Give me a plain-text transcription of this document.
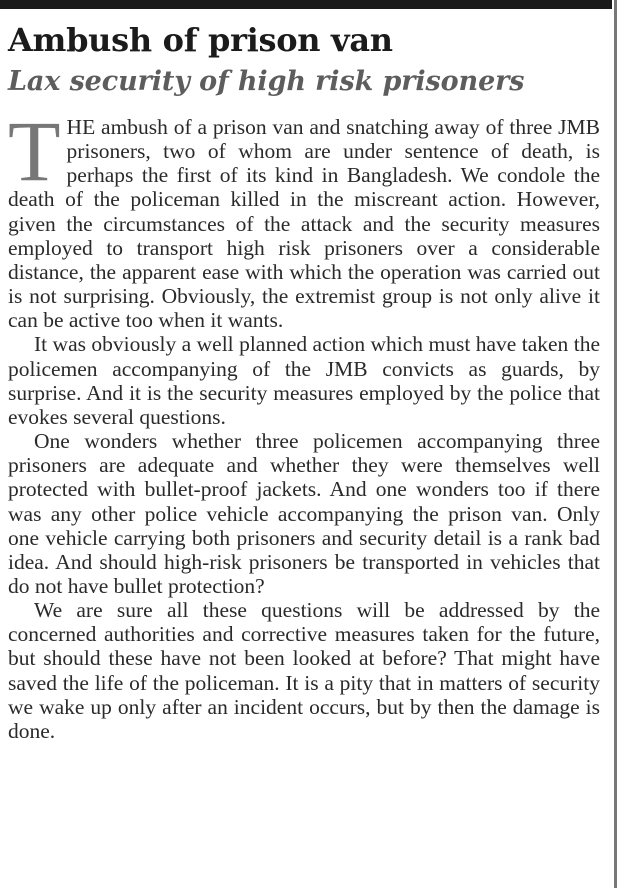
Ambush of prison van
Lax security of high risk prisoners

THE ambush of a prison van and snatching away of three JMB prisoners, two of whom are under sentence of death, is perhaps the first of its kind in Bangladesh. We condole the death of the policeman killed in the miscreant action. However, given the circumstances of the attack and the security measures employed to transport high risk prisoners over a considerable distance, the apparent ease with which the operation was carried out is not surprising. Obviously, the extremist group is not only alive it can be active too when it wants.

It was obviously a well planned action which must have taken the policemen accompanying of the JMB convicts as guards, by surprise. And it is the security measures employed by the police that evokes several questions.

One wonders whether three policemen accompanying three prisoners are adequate and whether they were themselves well protected with bullet-proof jackets. And one wonders too if there was any other police vehicle accompanying the prison van. Only one vehicle carrying both prisoners and security detail is a rank bad idea. And should high-risk prisoners be transported in vehicles that do not have bullet protection?

We are sure all these questions will be addressed by the concerned authorities and corrective measures taken for the future, but should these have not been looked at before? That might have saved the life of the policeman. It is a pity that in matters of security we wake up only after an incident occurs, but by then the damage is done.
